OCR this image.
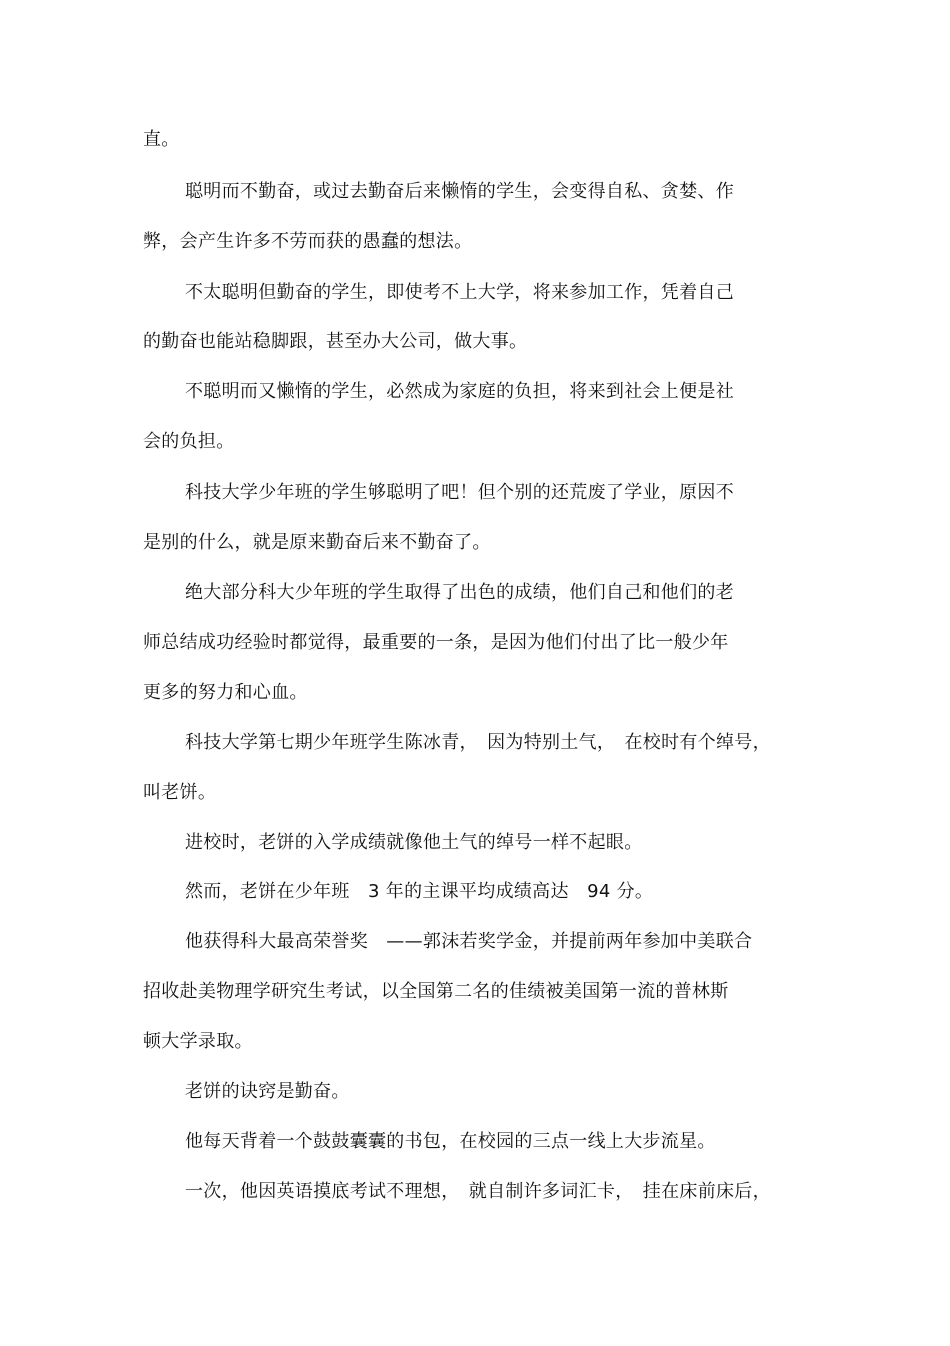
直。
聪明而不勤奋，或过去勤奋后来懒惰的学生，会变得自私、贪婪、作
弊，会产生许多不劳而获的愚蠢的想法。
不太聪明但勤奋的学生，即使考不上大学，将来参加工作，凭着自己
的勤奋也能站稳脚跟，甚至办大公司，做大事。
不聪明而又懒惰的学生，必然成为家庭的负担，将来到社会上便是社
会的负担。
科技大学少年班的学生够聪明了吧！但个别的还荒废了学业，原因不
是别的什么，就是原来勤奋后来不勤奋了。
绝大部分科大少年班的学生取得了出色的成绩，他们自己和他们的老
师总结成功经验时都觉得，最重要的一条，是因为他们付出了比一般少年
更多的努力和心血。
科技大学第七期少年班学生陈冰青，　因为特别土气，　在校时有个绰号，
叫老饼。
进校时，老饼的入学成绩就像他土气的绰号一样不起眼。
然而，老饼在少年班　3 年的主课平均成绩高达　94 分。
他获得科大最高荣誉奖　——郭沫若奖学金，并提前两年参加中美联合
招收赴美物理学研究生考试，以全国第二名的佳绩被美国第一流的普林斯
顿大学录取。
老饼的诀窍是勤奋。
他每天背着一个鼓鼓囊囊的书包，在校园的三点一线上大步流星。
一次，他因英语摸底考试不理想，　就自制许多词汇卡，　挂在床前床后，
